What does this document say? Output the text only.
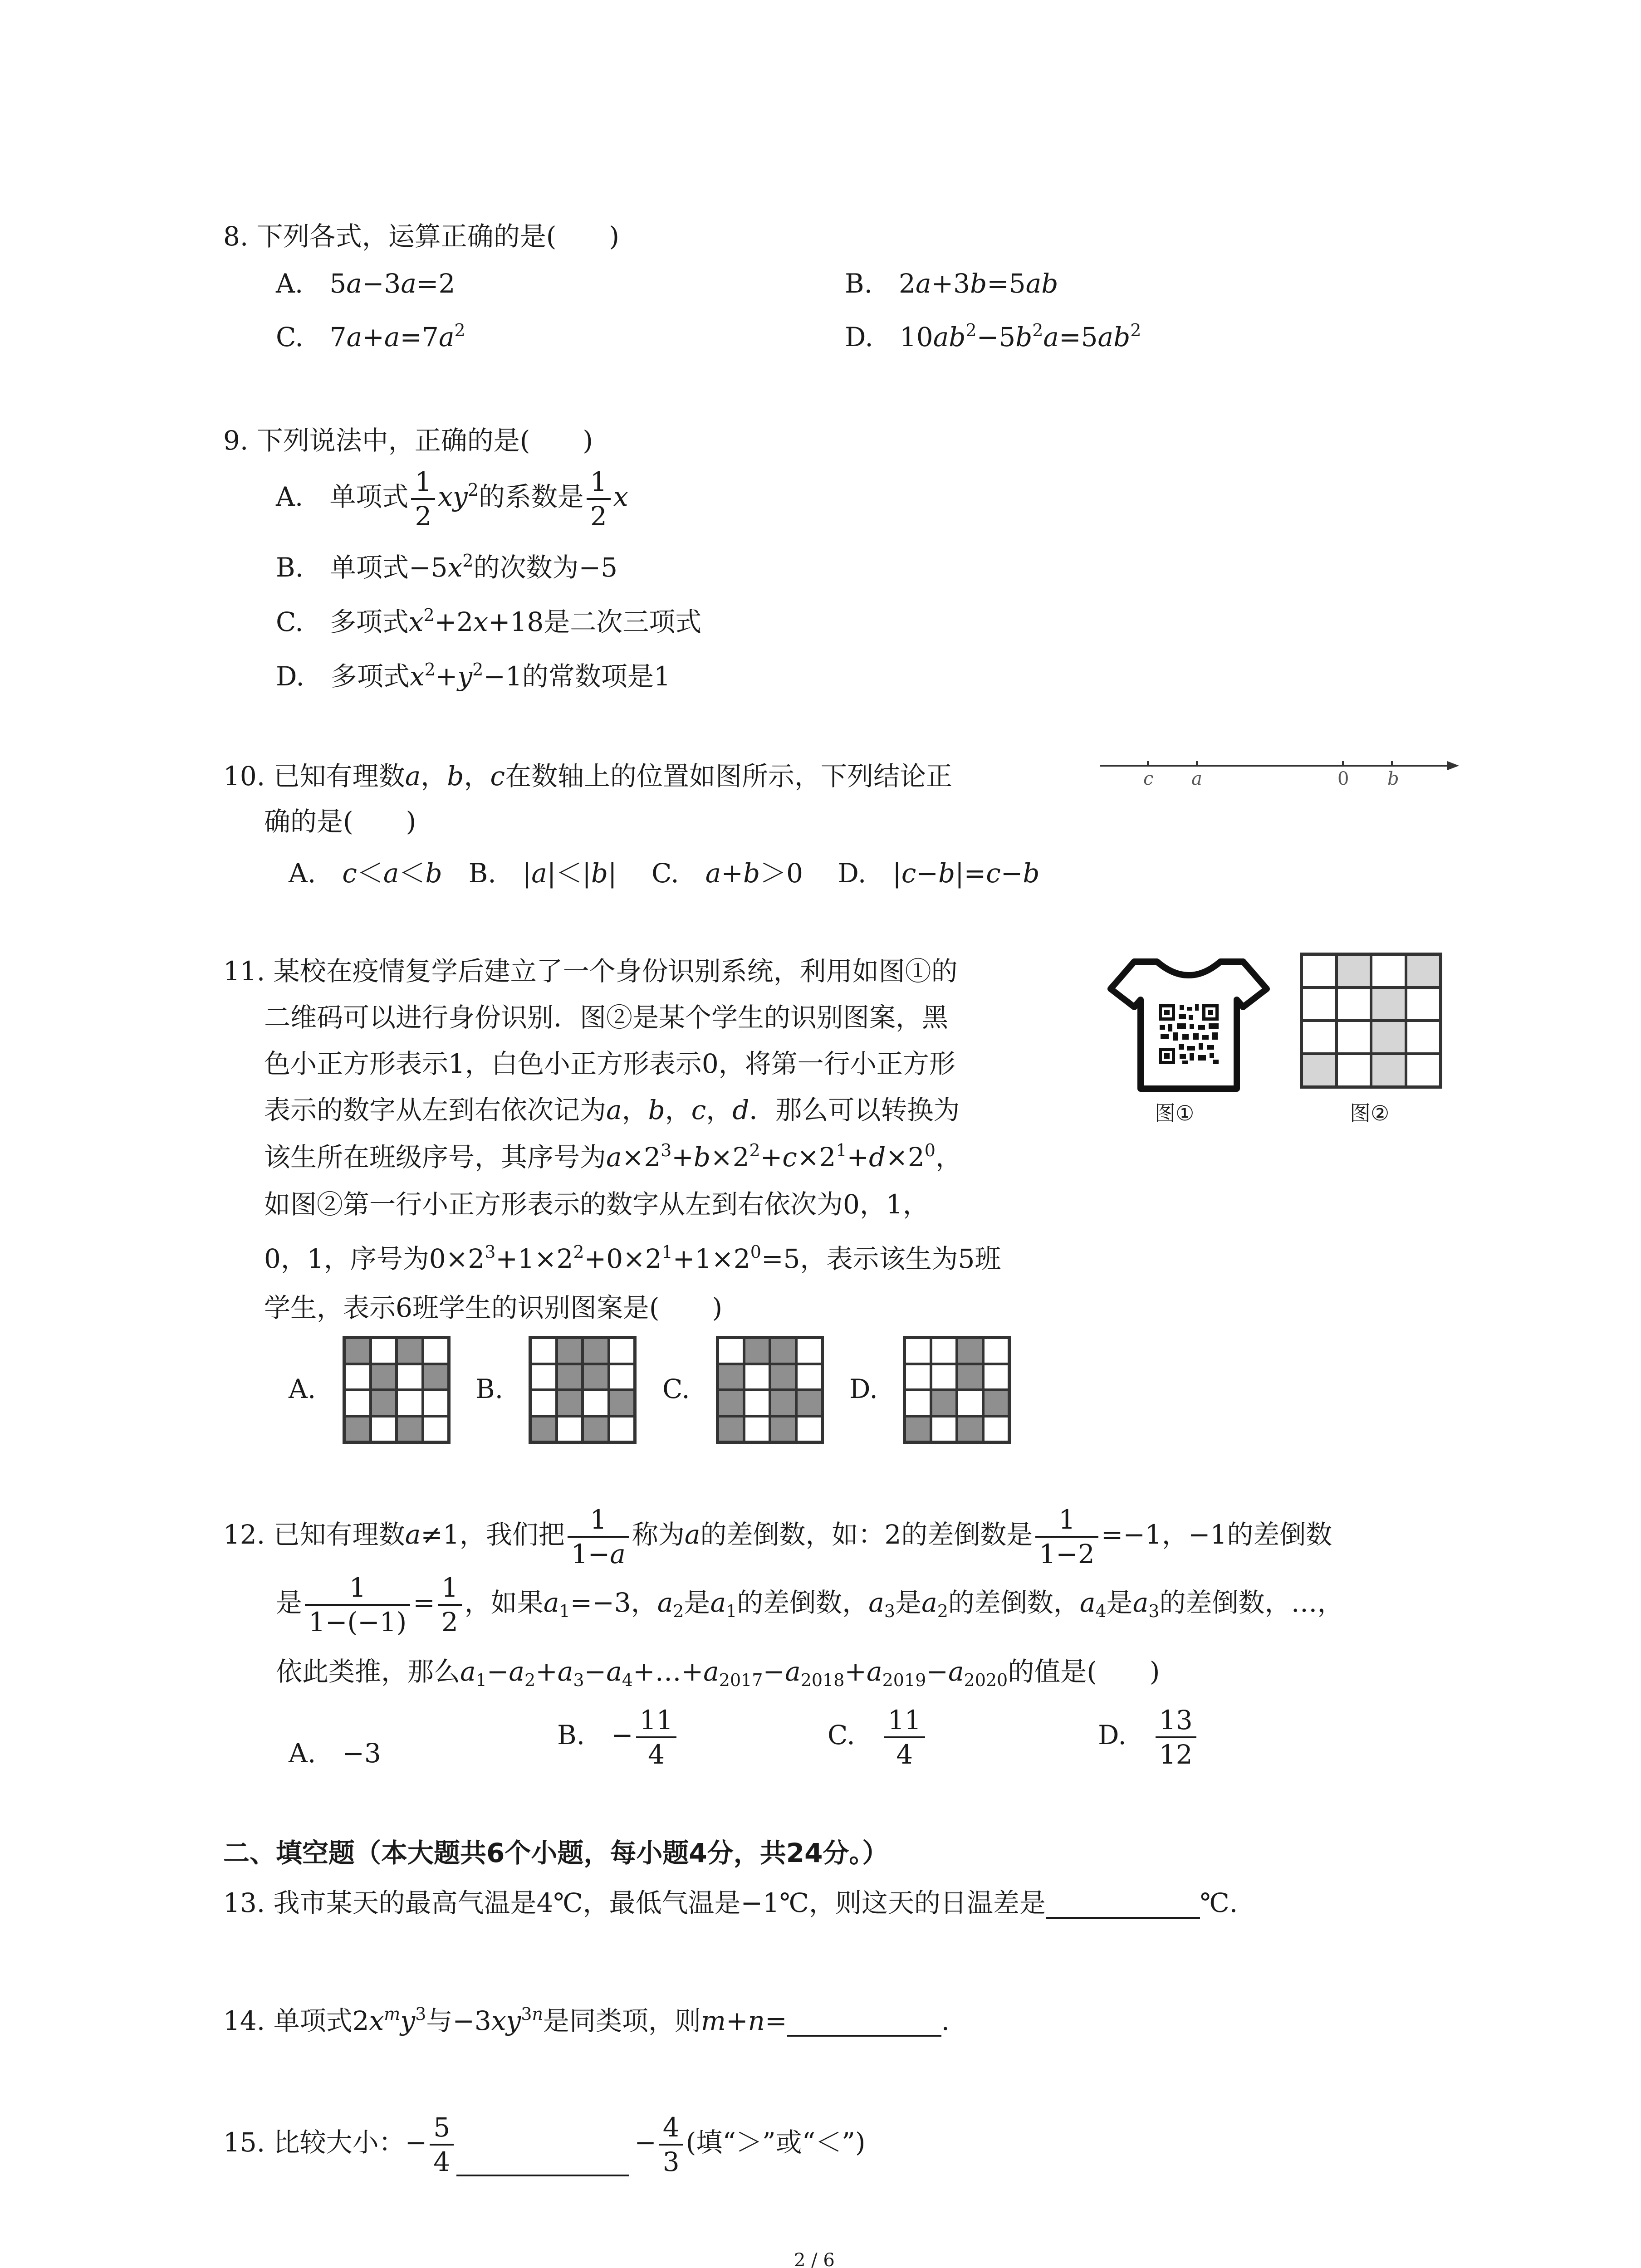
8. 下列各式，运算正确的是(　　)
A.　5a−3a=2	B.　2a+3b=5ab
C.　$7a+a=7a^2$	D.　$10ab^2-5b^2a=5ab^2$
9. 下列说法中，正确的是(　　)
A.　单项式 $\frac{1}{2} xy^2$的系数是 $\frac{1}{2}$ x
B.　单项式$-5x^2$的次数为−5
C.　多项式$x^2+2x+18$是二次三项式
D.　多项式$x^2+y^2-1$的常数项是1
10. 已知有理数a，b，c在数轴上的位置如图所示，下列结论正
确的是(　　)
A.　c＜a＜b　B.　|a|＜|b|　 C.　a+b＞0　 D.　|c−b|=c−b
c a	0 b
11. 某校在疫情复学后建立了一个身份识别系统，利用如图①的
二维码可以进行身份识别．图②是某个学生的识别图案，黑
色小正方形表示1，白色小正方形表示0，将第一行小正方形
表示的数字从左到右依次记为a，b，c，d．那么可以转换为
该生所在班级序号，其序号为$a\times 2^3+b\times 2^2+c\times 2^1+d\times 2^0$，
如图②第一行小正方形表示的数字从左到右依次为0，1，
0，1，序号为$0\times 2^3+1\times 2^2+0\times 2^1+1\times 2^0=5$，表示该生为5班
学生，表示6班学生的识别图案是(　　)
图①	图②
A.	B.	C.	D.
12. 已知有理数a≠1，我们把 $\frac{1}{1-a}$ 称为a的差倒数，如：2的差倒数是 $\frac{1}{1-2} =-1$，−1的差倒数
是 $\frac{1}{1-(-1)} = \frac{1}{2}$ ，如果$a_1=-3$，$a_2$是$a_1$的差倒数，$a_3$是$a_2$的差倒数，$a_4$是$a_3$的差倒数，…，
依此类推，那么$a_1-a_2+a_3-a_4+\dots+a_{2017}-a_{2018}+a_{2019}-a_{2020}$的值是(　　)
A.　−3
B.　− $\frac{11}{4}$	C.　 $\frac{11}{4}$	D.　 $\frac{13}{12}$
二、填空题（本大题共6个小题，每小题4分，共24分。）
13. 我市某天的最高气温是4℃，最低气温是−1℃，则这天的日温差是	℃.
14. 单项式$2x^my^3$与$-3xy^{3n}$是同类项，则m+n=	.
15. 比较大小：− $\frac{5}{4}$	− $\frac{4}{3}$ (填“＞”或“＜”)
2 / 6
